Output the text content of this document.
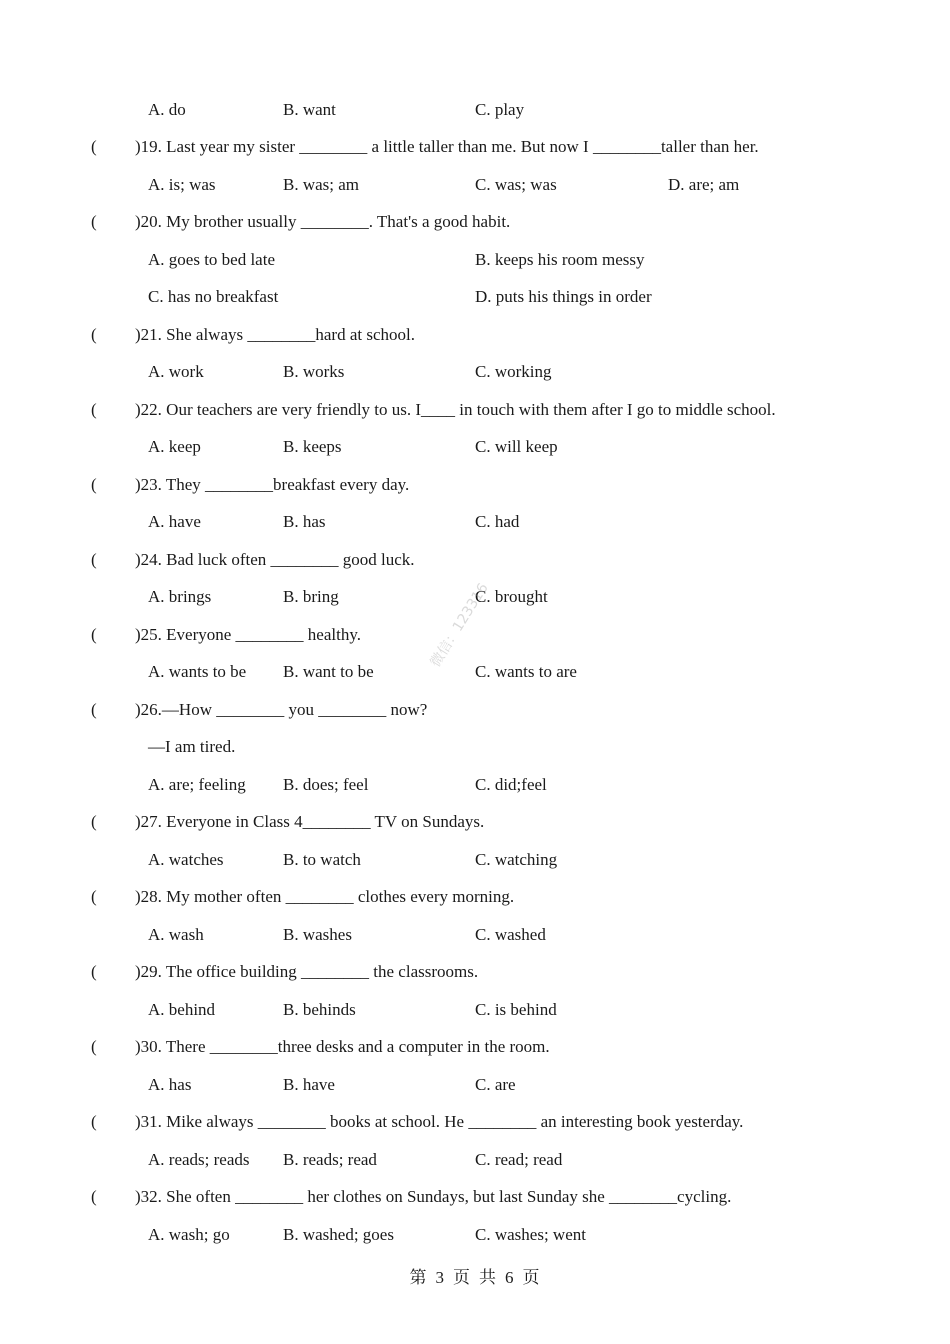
A. do	B. want	C. play
( )19. Last year my sister ________ a little taller than me. But now I ________taller than her.
A. is; was	B. was; am	C. was; was	D. are; am
( )20. My brother usually ________. That's a good habit.
A. goes to bed late	B. keeps his room messy
C. has no breakfast	D. puts his things in order
( )21. She always ________hard at school.
A. work	B. works	C. working
( )22. Our teachers are very friendly to us. I____ in touch with them after I go to middle school.
A. keep	B. keeps	C. will keep
( )23. They ________breakfast every day.
A. have	B. has	C. had
( )24. Bad luck often ________ good luck.
A. brings	B. bring	C. brought
( )25. Everyone ________ healthy.
A. wants to be B. want to be	C. wants to are
( )26.—How ________ you ________ now?
—I am tired.
A. are; feeling B. does; feel	C. did;feel
( )27. Everyone in Class 4________ TV on Sundays.
A. watches	B. to watch	C. watching
( )28. My mother often ________ clothes every morning.
A. wash	B. washes	C. washed
( )29. The office building ________ the classrooms.
A. behind	B. behinds	C. is behind
( )30. There ________three desks and a computer in the room.
A. has	B. have	C. are
( )31. Mike always ________ books at school. He ________ an interesting book yesterday.
A. reads; reads B. reads; read	C. read; read
( )32. She often ________ her clothes on Sundays, but last Sunday she ________cycling.
A. wash; go	B. washed; goes	C. washes; went
微信：123316
第 3 页 共 6 页
